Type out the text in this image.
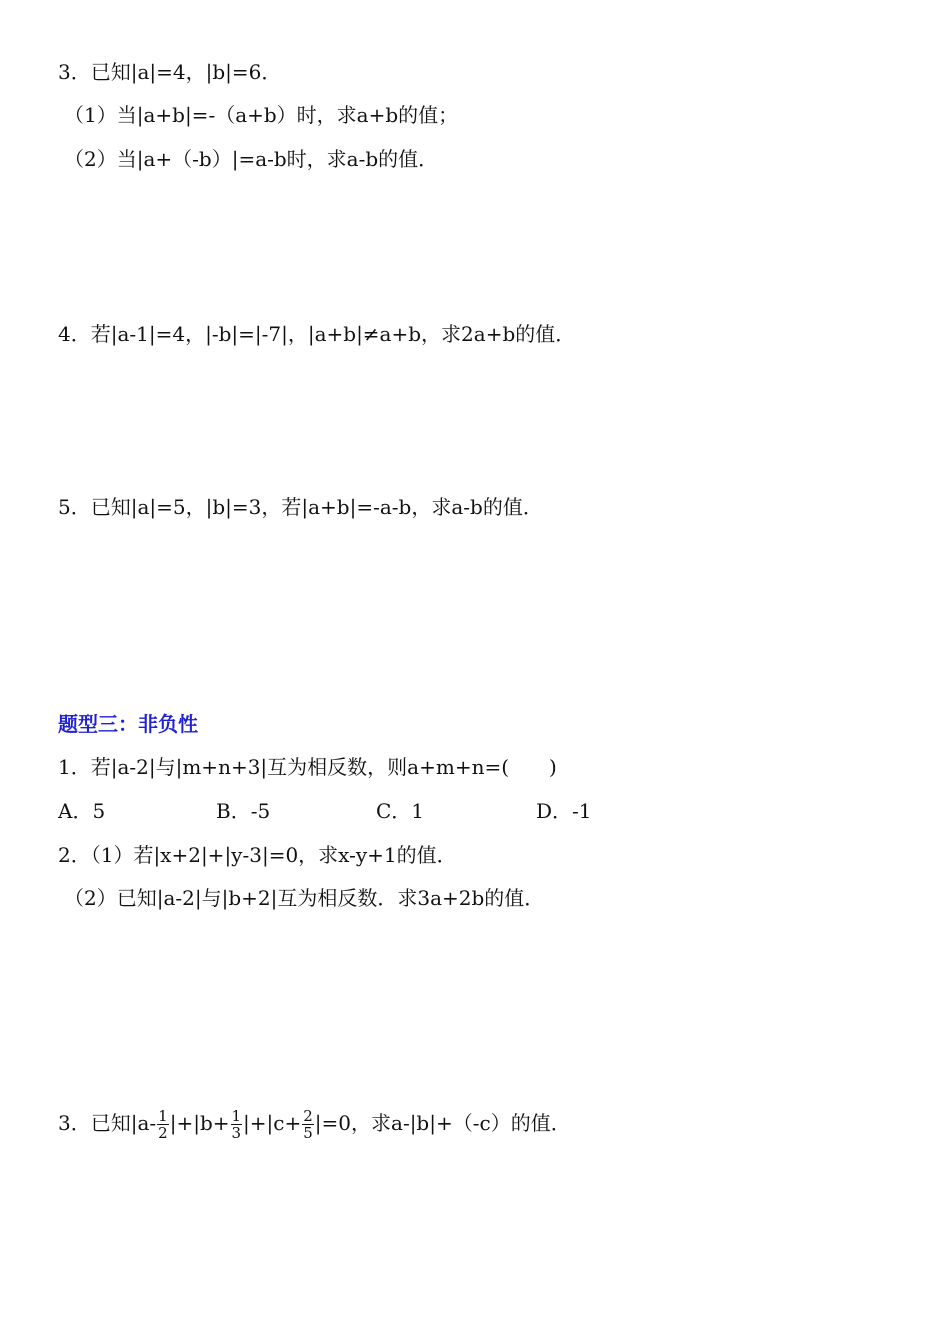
3．已知|a|=4，|b|=6．
（1）当|a+b|=-（a+b）时，求a+b的值；
（2）当|a+（-b）|=a-b时，求a-b的值．
4．若|a-1|=4，|-b|=|-7|，|a+b|≠a+b，求2a+b的值．
5．已知|a|=5，|b|=3，若|a+b|=-a-b，求a-b的值．
题型三：非负性
1．若|a-2|与|m+n+3|互为相反数，则a+m+n=(　　)
A．5	B．-5	C．1	D．-1
2．（1）若|x+2|+|y-3|=0，求x-y+1的值．
（2）已知|a-2|与|b+2|互为相反数．求3a+2b的值．
3．已知$|a- \frac{1}{2} |+|b+ \frac{1}{3} |+|c+ \frac{2}{5} |=0$，求a-|b|+（-c）的值．
